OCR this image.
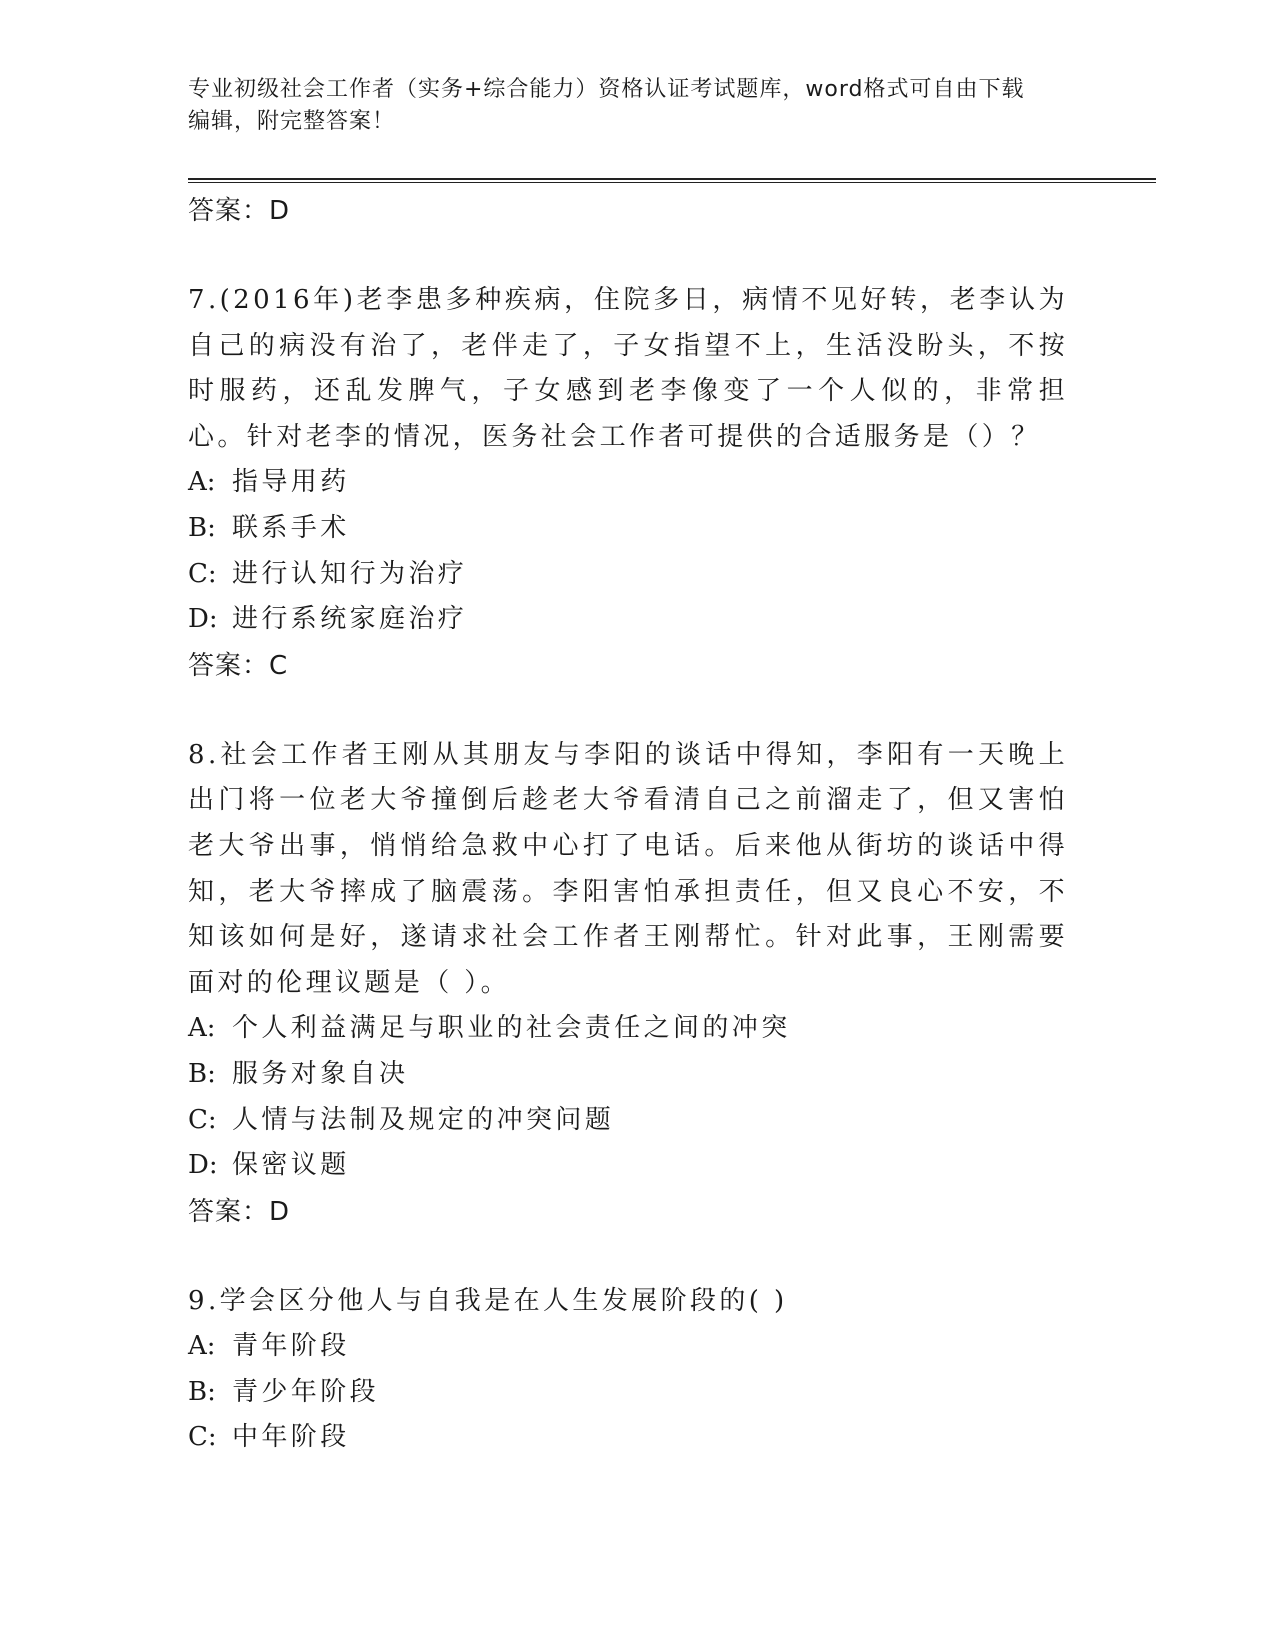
专业初级社会工作者（实务+综合能力）资格认证考试题库，word格式可自由下载
编辑，附完整答案！
答案：D
7.(2016年)老李患多种疾病，住院多日，病情不见好转，老李认为自己的病没有治了，老伴走了，子女指望不上，生活没盼头，不按时服药，还乱发脾气，子女感到老李像变了一个人似的，非常担心。针对老李的情况，医务社会工作者可提供的合适服务是（）？
A: 指导用药
B: 联系手术
C: 进行认知行为治疗
D: 进行系统家庭治疗
答案：C
8.社会工作者王刚从其朋友与李阳的谈话中得知，李阳有一天晚上出门将一位老大爷撞倒后趁老大爷看清自己之前溜走了，但又害怕老大爷出事，悄悄给急救中心打了电话。后来他从街坊的谈话中得知，老大爷摔成了脑震荡。李阳害怕承担责任，但又良心不安，不知该如何是好，遂请求社会工作者王刚帮忙。针对此事，王刚需要面对的伦理议题是（ ）。
A: 个人利益满足与职业的社会责任之间的冲突
B: 服务对象自决
C: 人情与法制及规定的冲突问题
D: 保密议题
答案：D
9.学会区分他人与自我是在人生发展阶段的( )
A: 青年阶段
B: 青少年阶段
C: 中年阶段
